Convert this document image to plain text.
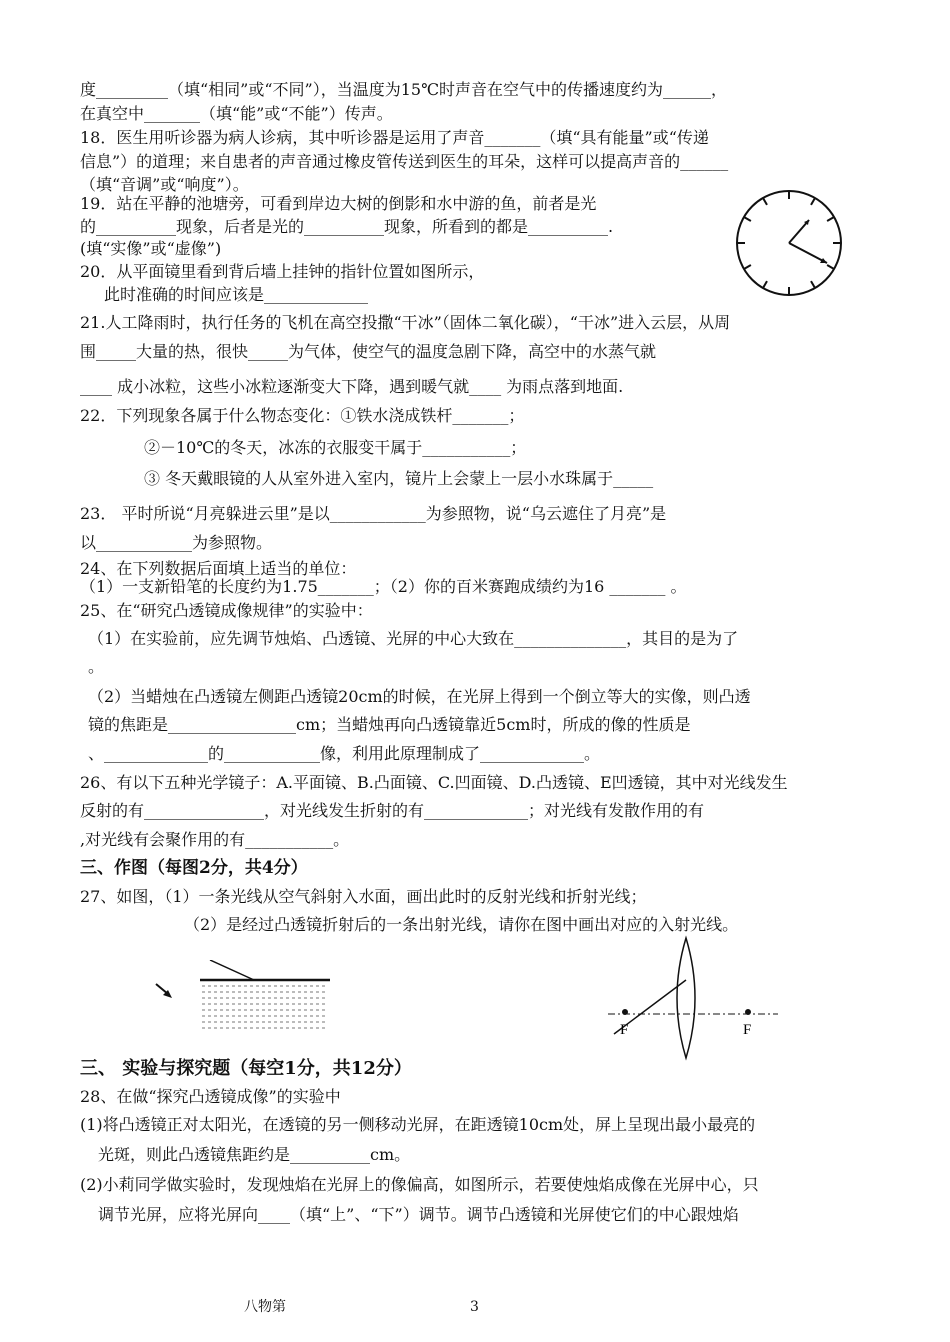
度_________（填“相同”或“不同”），当温度为15℃时声音在空气中的传播速度约为______，
在真空中_______（填“能”或“不能”）传声。
18．医生用听诊器为病人诊病，其中听诊器是运用了声音_______（填“具有能量”或“传递
信息”）的道理；来自患者的声音通过橡皮管传送到医生的耳朵，这样可以提高声音的______
（填“音调”或“响度”）。
19．站在平静的池塘旁，可看到岸边大树的倒影和水中游的鱼，前者是光
的__________现象，后者是光的__________现象，所看到的都是__________.
(填“实像”或“虚像”)
20．从平面镜里看到背后墙上挂钟的指针位置如图所示，
此时准确的时间应该是_____________
21.人工降雨时，执行任务的飞机在高空投撒“干冰”（固体二氧化碳），“干冰”进入云层，从周
围_____大量的热，很快_____为气体，使空气的温度急剧下降，高空中的水蒸气就
____ 成小冰粒，这些小冰粒逐渐变大下降，遇到暖气就____ 为雨点落到地面.
22．下列现象各属于什么物态变化：①铁水浇成铁杆_______；
②－10℃的冬天，冰冻的衣服变干属于___________；
③ 冬天戴眼镜的人从室外进入室内，镜片上会蒙上一层小水珠属于_____
23． 平时所说“月亮躲进云里”是以____________为参照物，说“乌云遮住了月亮”是
以____________为参照物。
24、在下列数据后面填上适当的单位：
（1）一支新铅笔的长度约为1.75_______；（2）你的百米赛跑成绩约为16 _______ 。
25、在“研究凸透镜成像规律”的实验中：
（1）在实验前，应先调节烛焰、凸透镜、光屏的中心大致在______________，其目的是为了
。
（2）当蜡烛在凸透镜左侧距凸透镜20cm的时候，在光屏上得到一个倒立等大的实像，则凸透
镜的焦距是________________cm；当蜡烛再向凸透镜靠近5cm时，所成的像的性质是
、_____________的____________像，利用此原理制成了_____________。
26、有以下五种光学镜子：A.平面镜、B.凸面镜、C.凹面镜、D.凸透镜、E凹透镜，其中对光线发生
反射的有_______________，对光线发生折射的有_____________；对光线有发散作用的有
,对光线有会聚作用的有___________。
三、作图（每图2分，共4分）
27、如图，（1）一条光线从空气斜射入水面，画出此时的反射光线和折射光线；
（2）是经过凸透镜折射后的一条出射光线，请你在图中画出对应的入射光线。
三、 实验与探究题（每空1分，共12分）
28、在做“探究凸透镜成像”的实验中
(1)将凸透镜正对太阳光，在透镜的另一侧移动光屏，在距透镜10cm处，屏上呈现出最小最亮的
光斑，则此凸透镜焦距约是__________cm。
(2)小莉同学做实验时，发现烛焰在光屏上的像偏高，如图所示，若要使烛焰成像在光屏中心，只
调节光屏，应将光屏向____（填“上”、“下”）调节。调节凸透镜和光屏使它们的中心跟烛焰
F	F
八物第	3
